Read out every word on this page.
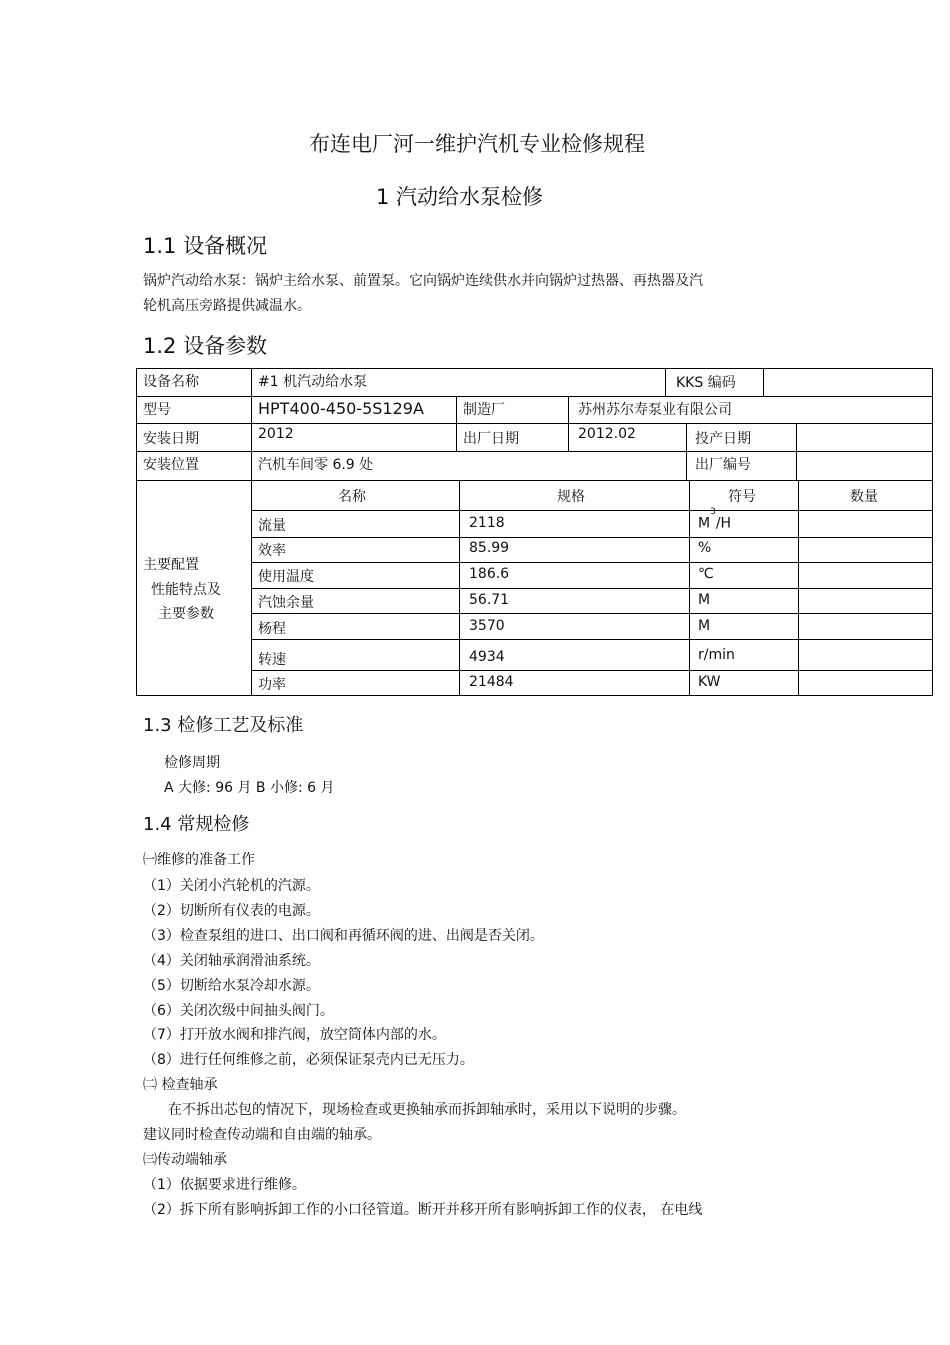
布连电厂河一维护汽机专业检修规程
1 汽动给水泵检修
1.1 设备概况
锅炉汽动给水泵：锅炉主给水泵、前置泵。它向锅炉连续供水并向锅炉过热器、再热器及汽
轮机高压旁路提供减温水。
1.2 设备参数
设备名称	#1 机汽动给水泵	KKS 编码
型号	HPT400-450-5S129A	制造厂	苏州苏尔寿泵业有限公司
安装日期	2012	出厂日期	2012.02	投产日期
安装位置	汽机车间零 6.9 处	出厂编号
主要配置
性能特点及
主要参数
名称	规格	符号	数量
流量	2118	$M^3/H$
效率	85.99	%
使用温度	186.6	℃
汽蚀余量	56.71	M
杨程	3570	M
转速	4934	r/min
功率	21484	KW
1.3 检修工艺及标准
检修周期
A 大修: 96 月 B 小修: 6 月
1.4 常规检修
㈠维修的准备工作
（1）关闭小汽轮机的汽源。
（2）切断所有仪表的电源。
（3）检查泵组的进口、出口阀和再循环阀的进、出阀是否关闭。
（4）关闭轴承润滑油系统。
（5）切断给水泵冷却水源。
（6）关闭次级中间抽头阀门。
（7）打开放水阀和排汽阀，放空筒体内部的水。
（8）进行任何维修之前，必须保证泵壳内已无压力。
㈡ 检查轴承
在不拆出芯包的情况下，现场检查或更换轴承而拆卸轴承时，采用以下说明的步骤。
建议同时检查传动端和自由端的轴承。
㈢传动端轴承
（1）依据要求进行维修。
（2）拆下所有影响拆卸工作的小口径管道。断开并移开所有影响拆卸工作的仪表， 在电线
